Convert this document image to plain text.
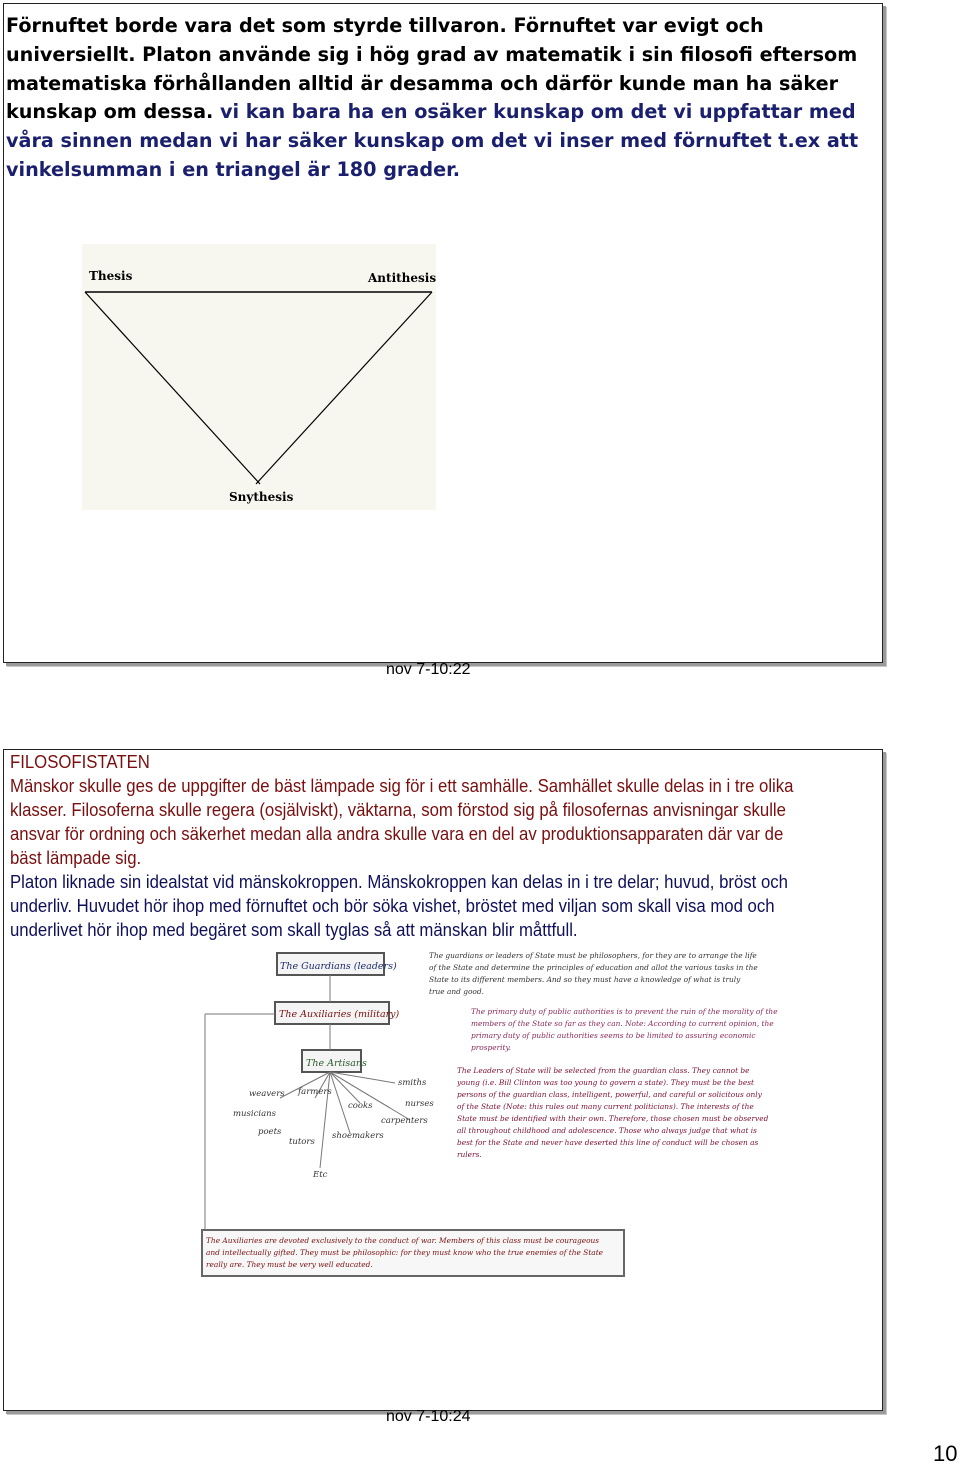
Förnuftet borde vara det som styrde tillvaron. Förnuftet var evigt och universiellt. Platon använde sig i hög grad av matematik i sin filosofi eftersom matematiska förhållanden alltid är desamma och därför kunde man ha säker kunskap om dessa. vi kan bara ha en osäker kunskap om det vi uppfattar med våra sinnen medan vi har säker kunskap om det vi inser med förnuftet t.ex att vinkelsumman i en triangel är 180 grader.
Thesis	Antithesis
Snythesis
nov 7-10:22
FILOSOFISTATEN
Mänskor skulle ges de uppgifter de bäst lämpade sig för i ett samhälle. Samhället skulle delas in i tre olika klasser. Filosoferna skulle regera (osjälviskt), väktarna, som förstod sig på filosofernas anvisningar skulle ansvar för ordning och säkerhet medan alla andra skulle vara en del av produktionsapparaten där var de bäst lämpade sig.
Platon liknade sin idealstat vid mänskokroppen. Mänskokroppen kan delas in i tre delar; huvud, bröst och underliv. Huvudet hör ihop med förnuftet och bör söka vishet, bröstet med viljan som skall visa mod och underlivet hör ihop med begäret som skall tyglas så att mänskan blir måttfull.
The Guardians (leaders)
The Auxiliaries (military)
The Artisans
weavers farmers
smiths
musicians
cooks	nurses
poets
carpenters
tutors
shoemakers
Etc
The guardians or leaders of State must be philosophers, for they are to arrange the life
of the State and determine the principles of education and allot the various tasks in the
State to its different members. And so they must have a knowledge of what is truly
true and good.
The primary duty of public authorities is to prevent the ruin of the morality of the
members of the State so far as they can. Note: According to current opinion, the
primary duty of public authorities seems to be limited to assuring economic
prosperity.
The Leaders of State will be selected from the guardian class. They cannot be
young (i.e. Bill Clinton was too young to govern a state). They must be the best
persons of the guardian class, intelligent, powerful, and careful or solicitous only
of the State (Note: this rules out many current politicians). The interests of the
State must be identified with their own. Therefore, those chosen must be observed
all throughout childhood and adolescence. Those who always judge that what is
best for the State and never have deserted this line of conduct will be chosen as
rulers.
The Auxiliaries are devoted exclusively to the conduct of war. Members of this class must be courageous
and intellectually gifted. They must be philosophic: for they must know who the true enemies of the State
really are. They must be very well educated.
nov 7-10:24
10
